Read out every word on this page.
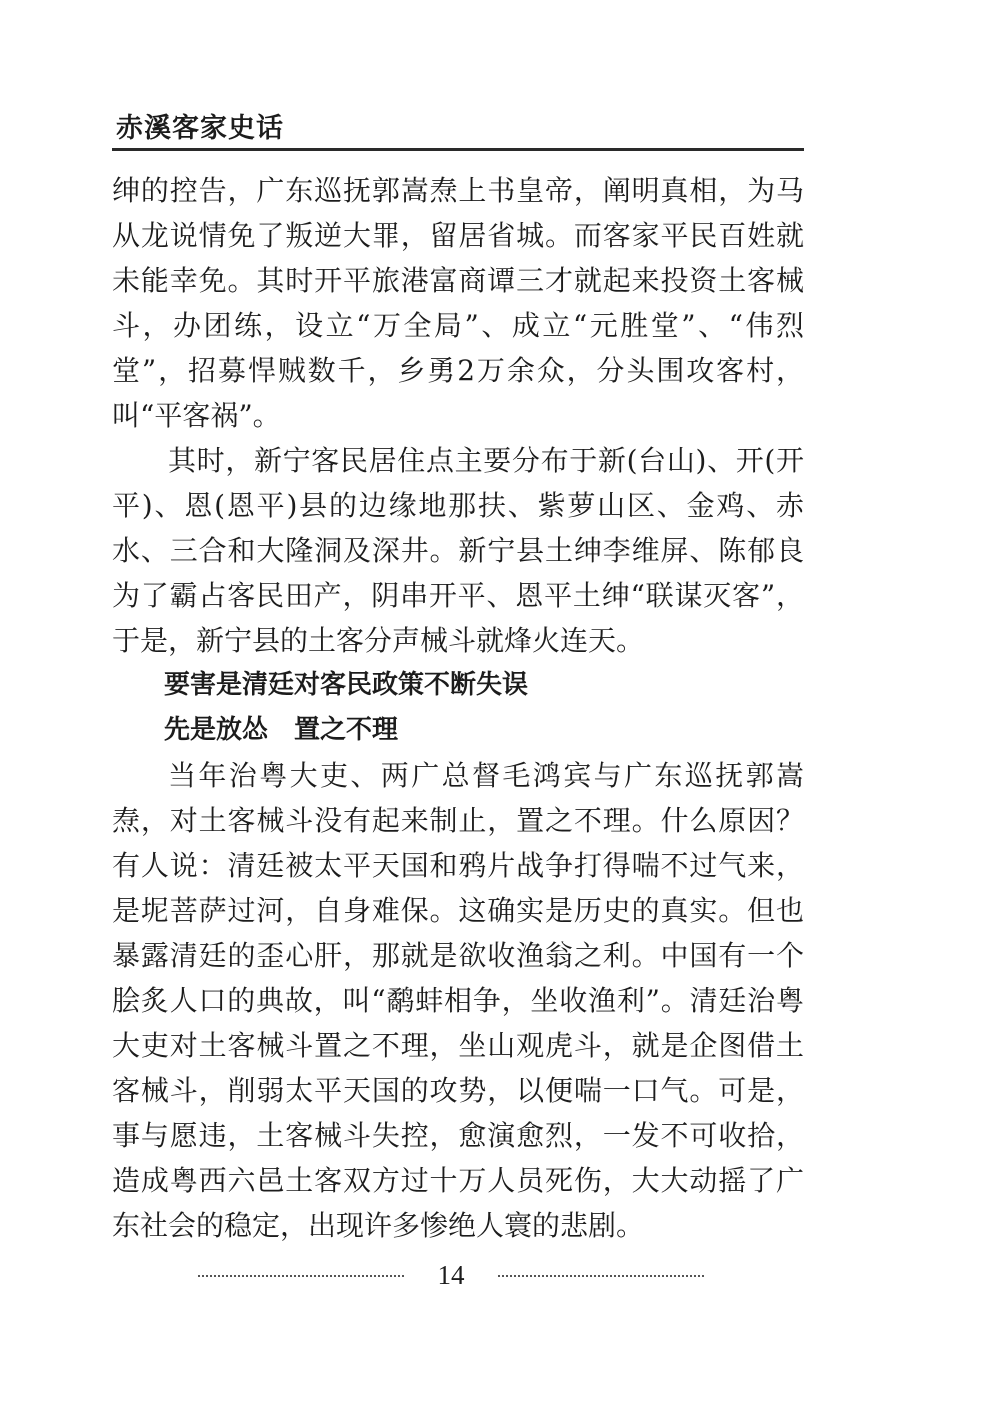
赤溪客家史话

绅的控告，广东巡抚郭嵩焘上书皇帝，阐明真相，为马从龙说情免了叛逆大罪，留居省城。而客家平民百姓就未能幸免。其时开平旅港富商谭三才就起来投资土客械斗，办团练，设立“万全局”、成立“元胜堂”、“伟烈堂”，招募悍贼数千，乡勇2万余众，分头围攻客村，叫“平客祸”。

其时，新宁客民居住点主要分布于新(台山)、开(开平)、恩(恩平)县的边缘地那扶、紫萝山区、金鸡、赤水、三合和大隆洞及深井。新宁县土绅李维屏、陈郁良为了霸占客民田产，阴串开平、恩平土绅“联谋灭客”，于是，新宁县的土客分声械斗就烽火连天。

要害是清廷对客民政策不断失误

先是放怂　置之不理

当年治粤大吏、两广总督毛鸿宾与广东巡抚郭嵩焘，对土客械斗没有起来制止，置之不理。什么原因？有人说：清廷被太平天国和鸦片战争打得喘不过气来，是坭菩萨过河，自身难保。这确实是历史的真实。但也暴露清廷的歪心肝，那就是欲收渔翁之利。中国有一个脍炙人口的典故，叫“鹬蚌相争，坐收渔利”。清廷治粤大吏对土客械斗置之不理，坐山观虎斗，就是企图借土客械斗，削弱太平天国的攻势，以便喘一口气。可是，事与愿违，土客械斗失控，愈演愈烈，一发不可收拾，造成粤西六邑土客双方过十万人员死伤，大大动摇了广东社会的稳定，出现许多惨绝人寰的悲剧。

14
